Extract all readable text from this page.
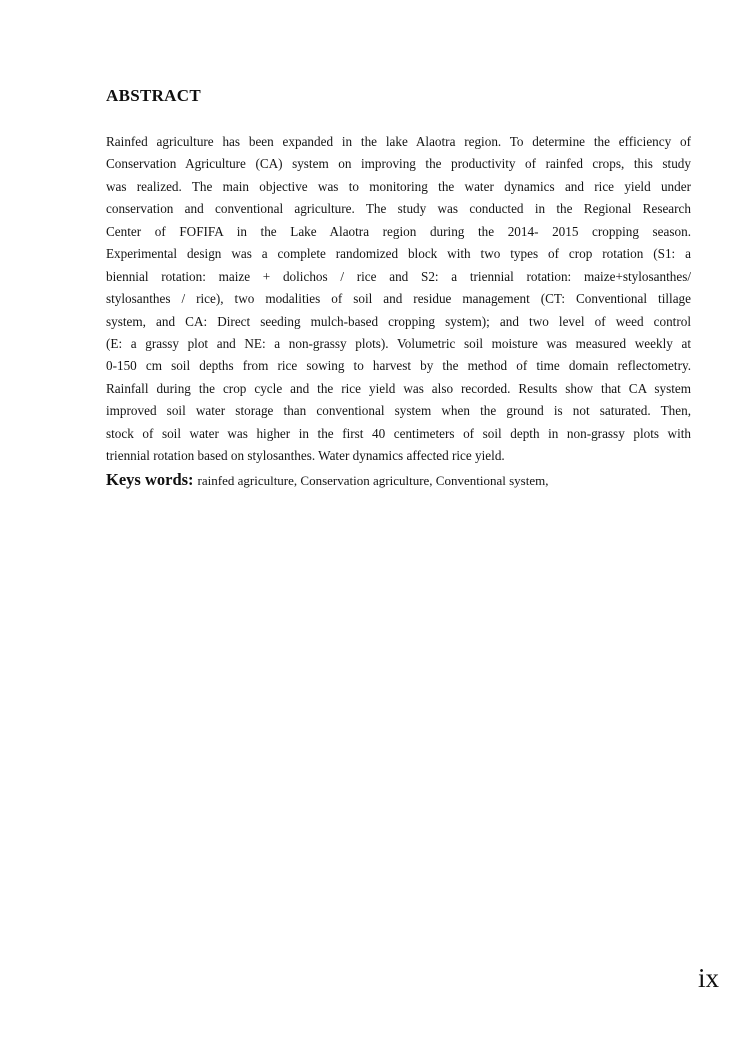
ABSTRACT
Rainfed agriculture has been expanded in the lake Alaotra region. To determine the efficiency of
Conservation Agriculture (CA) system on improving the productivity of rainfed crops, this study
was realized. The main objective was to monitoring the water dynamics and rice yield under
conservation and conventional agriculture. The study was conducted in the Regional Research
Center of FOFIFA in the Lake Alaotra region during the 2014- 2015 cropping season.
Experimental design was a complete randomized block with two types of crop rotation (S1: a
biennial rotation: maize + dolichos / rice and S2: a triennial rotation: maize+stylosanthes/
stylosanthes / rice), two modalities of soil and residue management (CT: Conventional tillage
system, and CA: Direct seeding mulch-based cropping system); and two level of weed control
(E: a grassy plot and NE: a non-grassy plots). Volumetric soil moisture was measured weekly at
0-150 cm soil depths from rice sowing to harvest by the method of time domain reflectometry.
Rainfall during the crop cycle and the rice yield was also recorded. Results show that CA system
improved soil water storage than conventional system when the ground is not saturated. Then,
stock of soil water was higher in the first 40 centimeters of soil depth in non-grassy plots with
triennial rotation based on stylosanthes. Water dynamics affected rice yield.

Keys words: rainfed agriculture, Conservation agriculture, Conventional system,

ix
